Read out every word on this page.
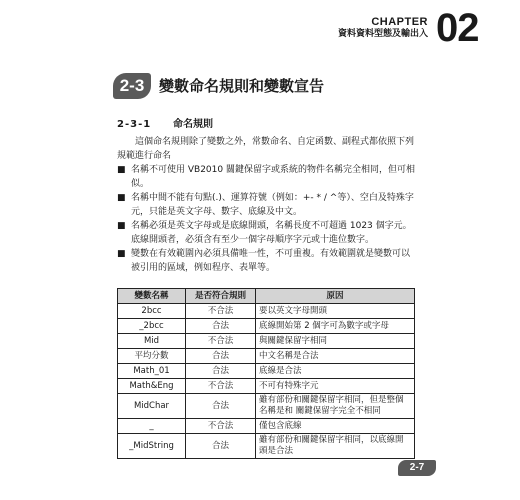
CHAPTER
資料資料型態及輸出入 02
2-3 變數命名規則和變數宣告
2-3-1 命名規則
這個命名規則除了變數之外，常數命名、自定函數、副程式都依照下列規範進行命名
■ 名稱不可使用 VB2010 關鍵保留字或系統的物件名稱完全相同，但可相似。
■ 名稱中間不能有句點(.)、運算符號（例如：+- * / ^等）、空白及特殊字元，只能是英文字母、數字、底線及中文。
■ 名稱必須是英文字母或是底線開頭，名稱長度不可超過 1023 個字元。底線開頭者，必須含有至少一個字母順序字元或十進位數字。
■ 變數在有效範圍內必須具備唯一性，不可重複。有效範圍就是變數可以被引用的區域，例如程序、表單等。
變數名稱	是否符合規則	原因
2bcc	不合法	要以英文字母開頭
_2bcc	合法	底線開始第 2 個字可為數字或字母
Mid	不合法	與關鍵保留字相同
平均分數	合法	中文名稱是合法
Math_01	合法	底線是合法
Math&Eng	不合法	不可有特殊字元
MidChar	合法	雖有部份和關鍵保留字相同，但是整個名稱是和 關鍵保留字完全不相同
_	不合法	僅包含底線
_MidString	合法	雖有部份和關鍵保留字相同，以底線開頭是合法
2-7
